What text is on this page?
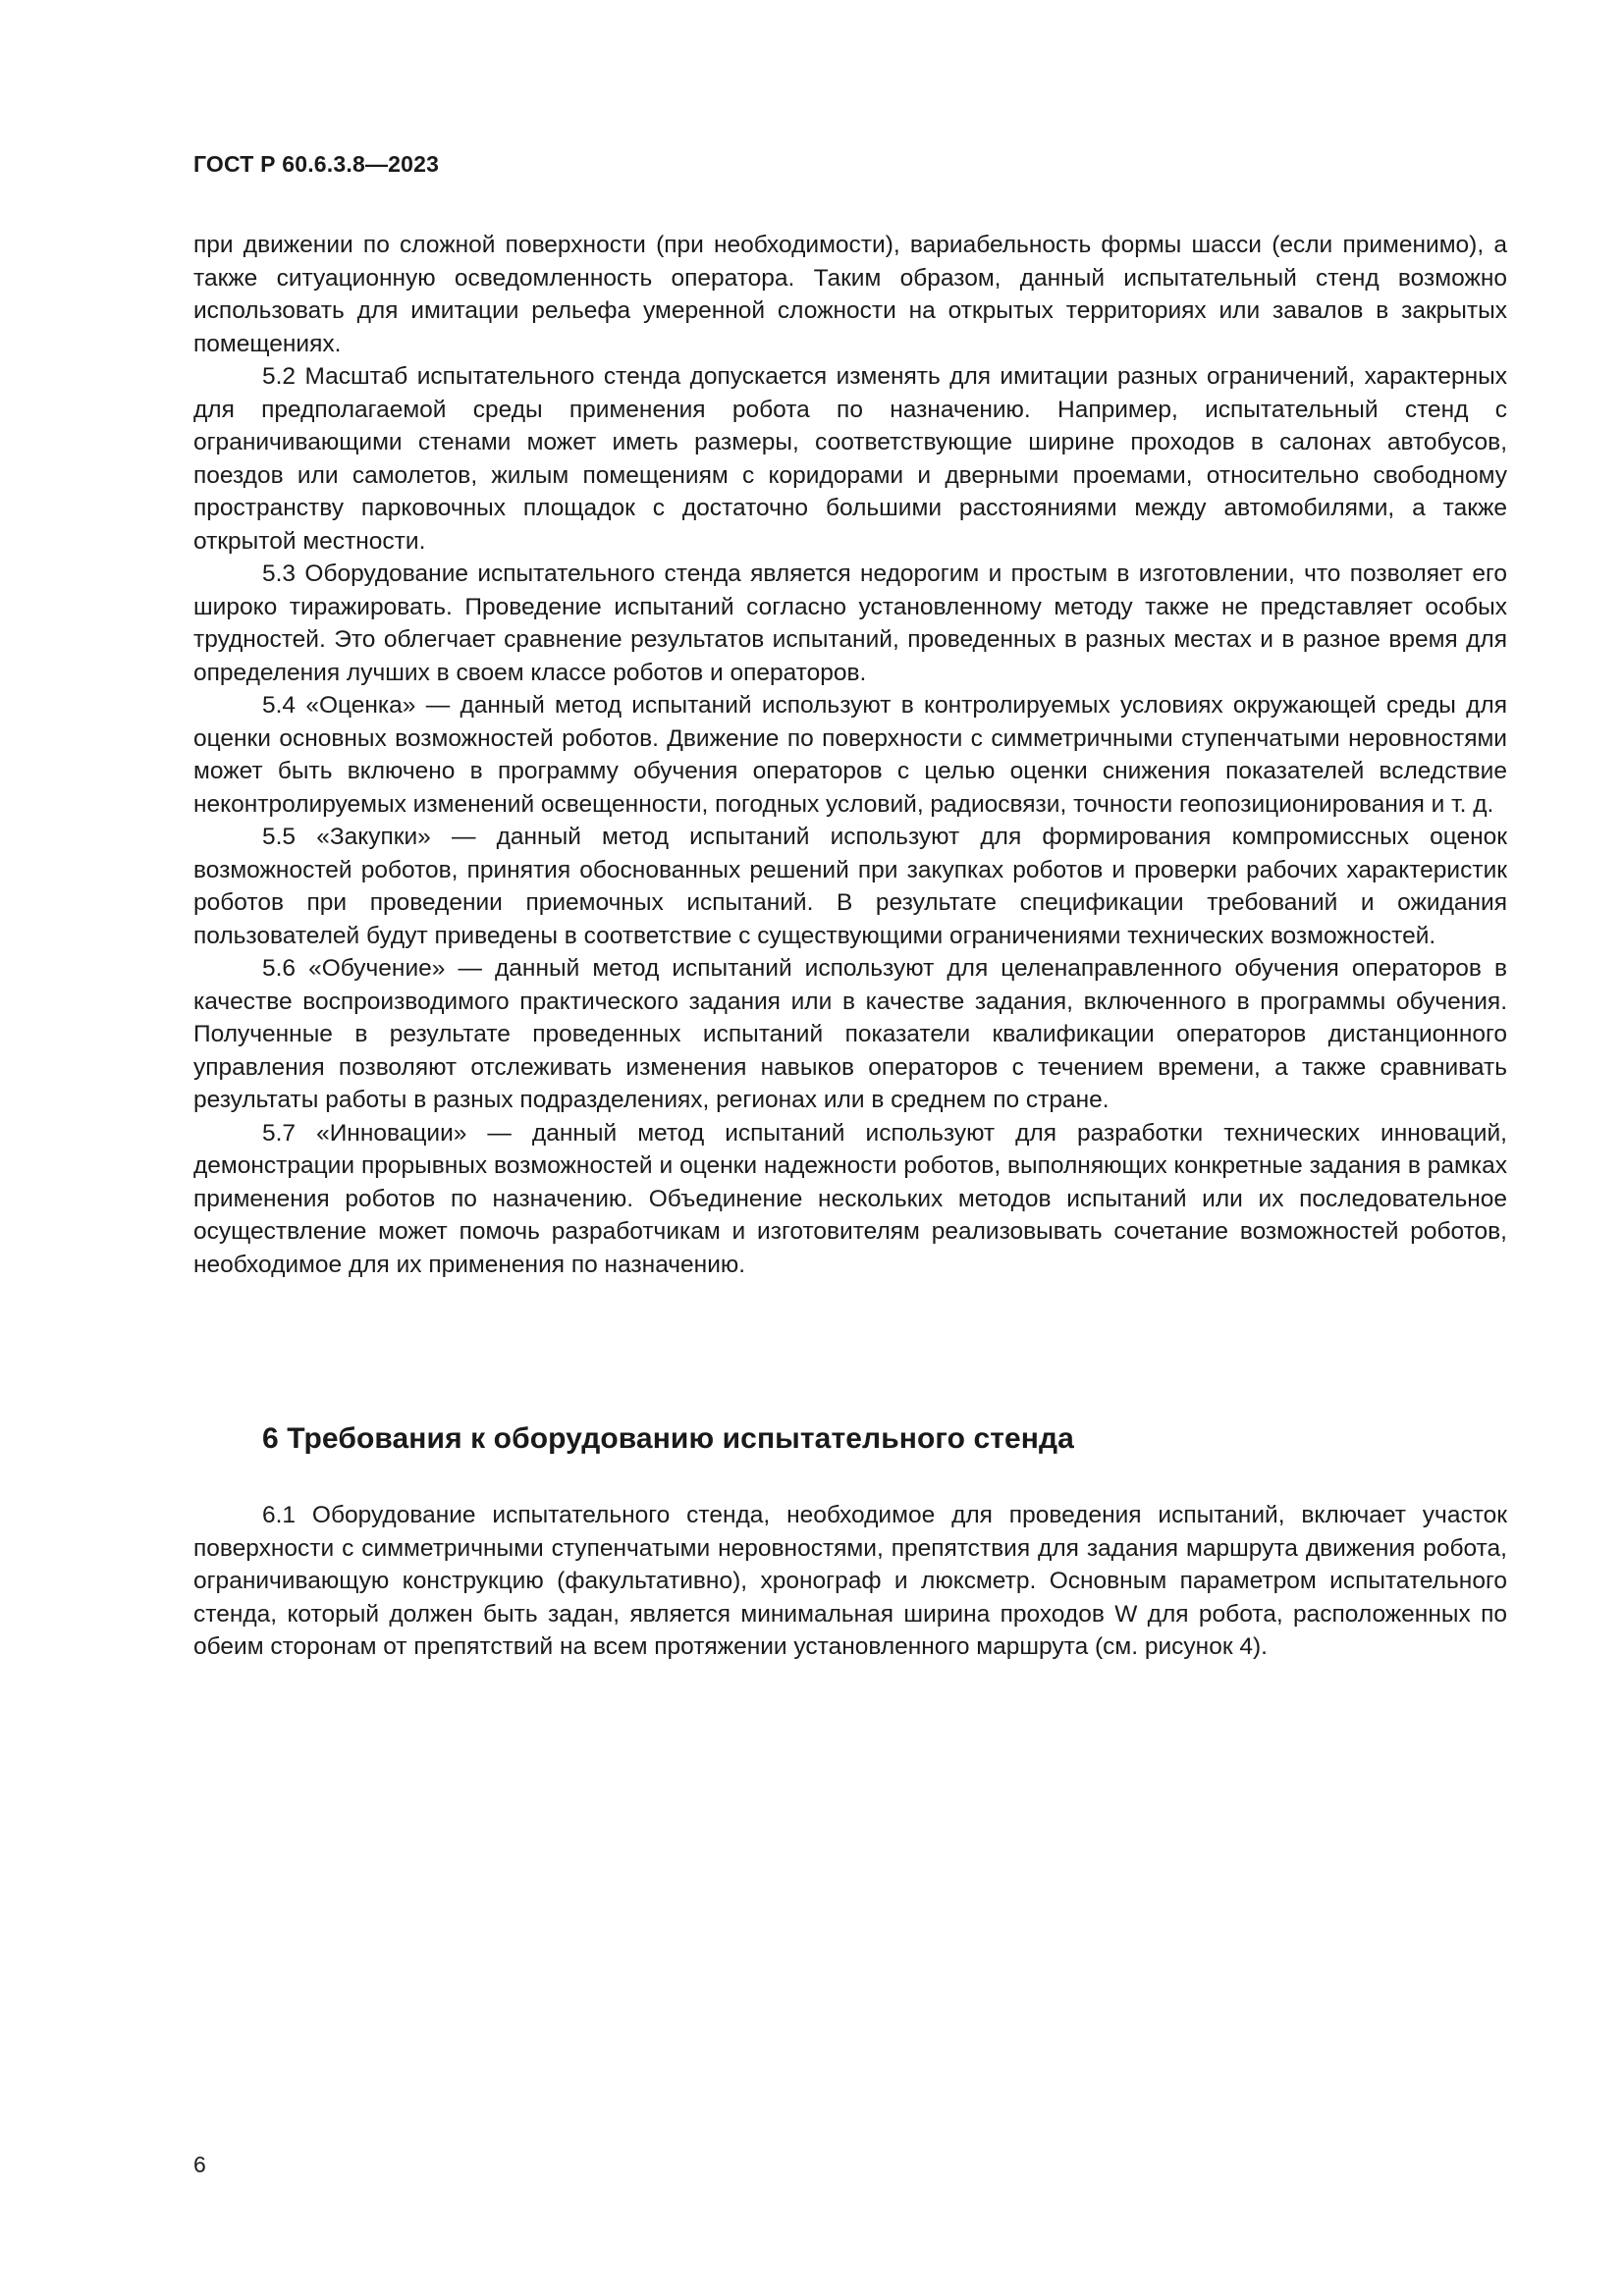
ГОСТ Р 60.6.3.8—2023

при движении по сложной поверхности (при необходимости), вариабельность формы шасси (если применимо), а также ситуационную осведомленность оператора. Таким образом, данный испытательный стенд возможно использовать для имитации рельефа умеренной сложности на открытых территориях или завалов в закрытых помещениях.

5.2 Масштаб испытательного стенда допускается изменять для имитации разных ограничений, характерных для предполагаемой среды применения робота по назначению. Например, испытательный стенд с ограничивающими стенами может иметь размеры, соответствующие ширине проходов в салонах автобусов, поездов или самолетов, жилым помещениям с коридорами и дверными проемами, относительно свободному пространству парковочных площадок с достаточно большими расстояниями между автомобилями, а также открытой местности.

5.3 Оборудование испытательного стенда является недорогим и простым в изготовлении, что позволяет его широко тиражировать. Проведение испытаний согласно установленному методу также не представляет особых трудностей. Это облегчает сравнение результатов испытаний, проведенных в разных местах и в разное время для определения лучших в своем классе роботов и операторов.

5.4 «Оценка» — данный метод испытаний используют в контролируемых условиях окружающей среды для оценки основных возможностей роботов. Движение по поверхности с симметричными ступенчатыми неровностями может быть включено в программу обучения операторов с целью оценки снижения показателей вследствие неконтролируемых изменений освещенности, погодных условий, радиосвязи, точности геопозиционирования и т. д.

5.5 «Закупки» — данный метод испытаний используют для формирования компромиссных оценок возможностей роботов, принятия обоснованных решений при закупках роботов и проверки рабочих характеристик роботов при проведении приемочных испытаний. В результате спецификации требований и ожидания пользователей будут приведены в соответствие с существующими ограничениями технических возможностей.

5.6 «Обучение» — данный метод испытаний используют для целенаправленного обучения операторов в качестве воспроизводимого практического задания или в качестве задания, включенного в программы обучения. Полученные в результате проведенных испытаний показатели квалификации операторов дистанционного управления позволяют отслеживать изменения навыков операторов с течением времени, а также сравнивать результаты работы в разных подразделениях, регионах или в среднем по стране.

5.7 «Инновации» — данный метод испытаний используют для разработки технических инноваций, демонстрации прорывных возможностей и оценки надежности роботов, выполняющих конкретные задания в рамках применения роботов по назначению. Объединение нескольких методов испытаний или их последовательное осуществление может помочь разработчикам и изготовителям реализовывать сочетание возможностей роботов, необходимое для их применения по назначению.

6 Требования к оборудованию испытательного стенда

6.1 Оборудование испытательного стенда, необходимое для проведения испытаний, включает участок поверхности с симметричными ступенчатыми неровностями, препятствия для задания маршрута движения робота, ограничивающую конструкцию (факультативно), хронограф и люксметр. Основным параметром испытательного стенда, который должен быть задан, является минимальная ширина проходов W для робота, расположенных по обеим сторонам от препятствий на всем протяжении установленного маршрута (см. рисунок 4).

6
